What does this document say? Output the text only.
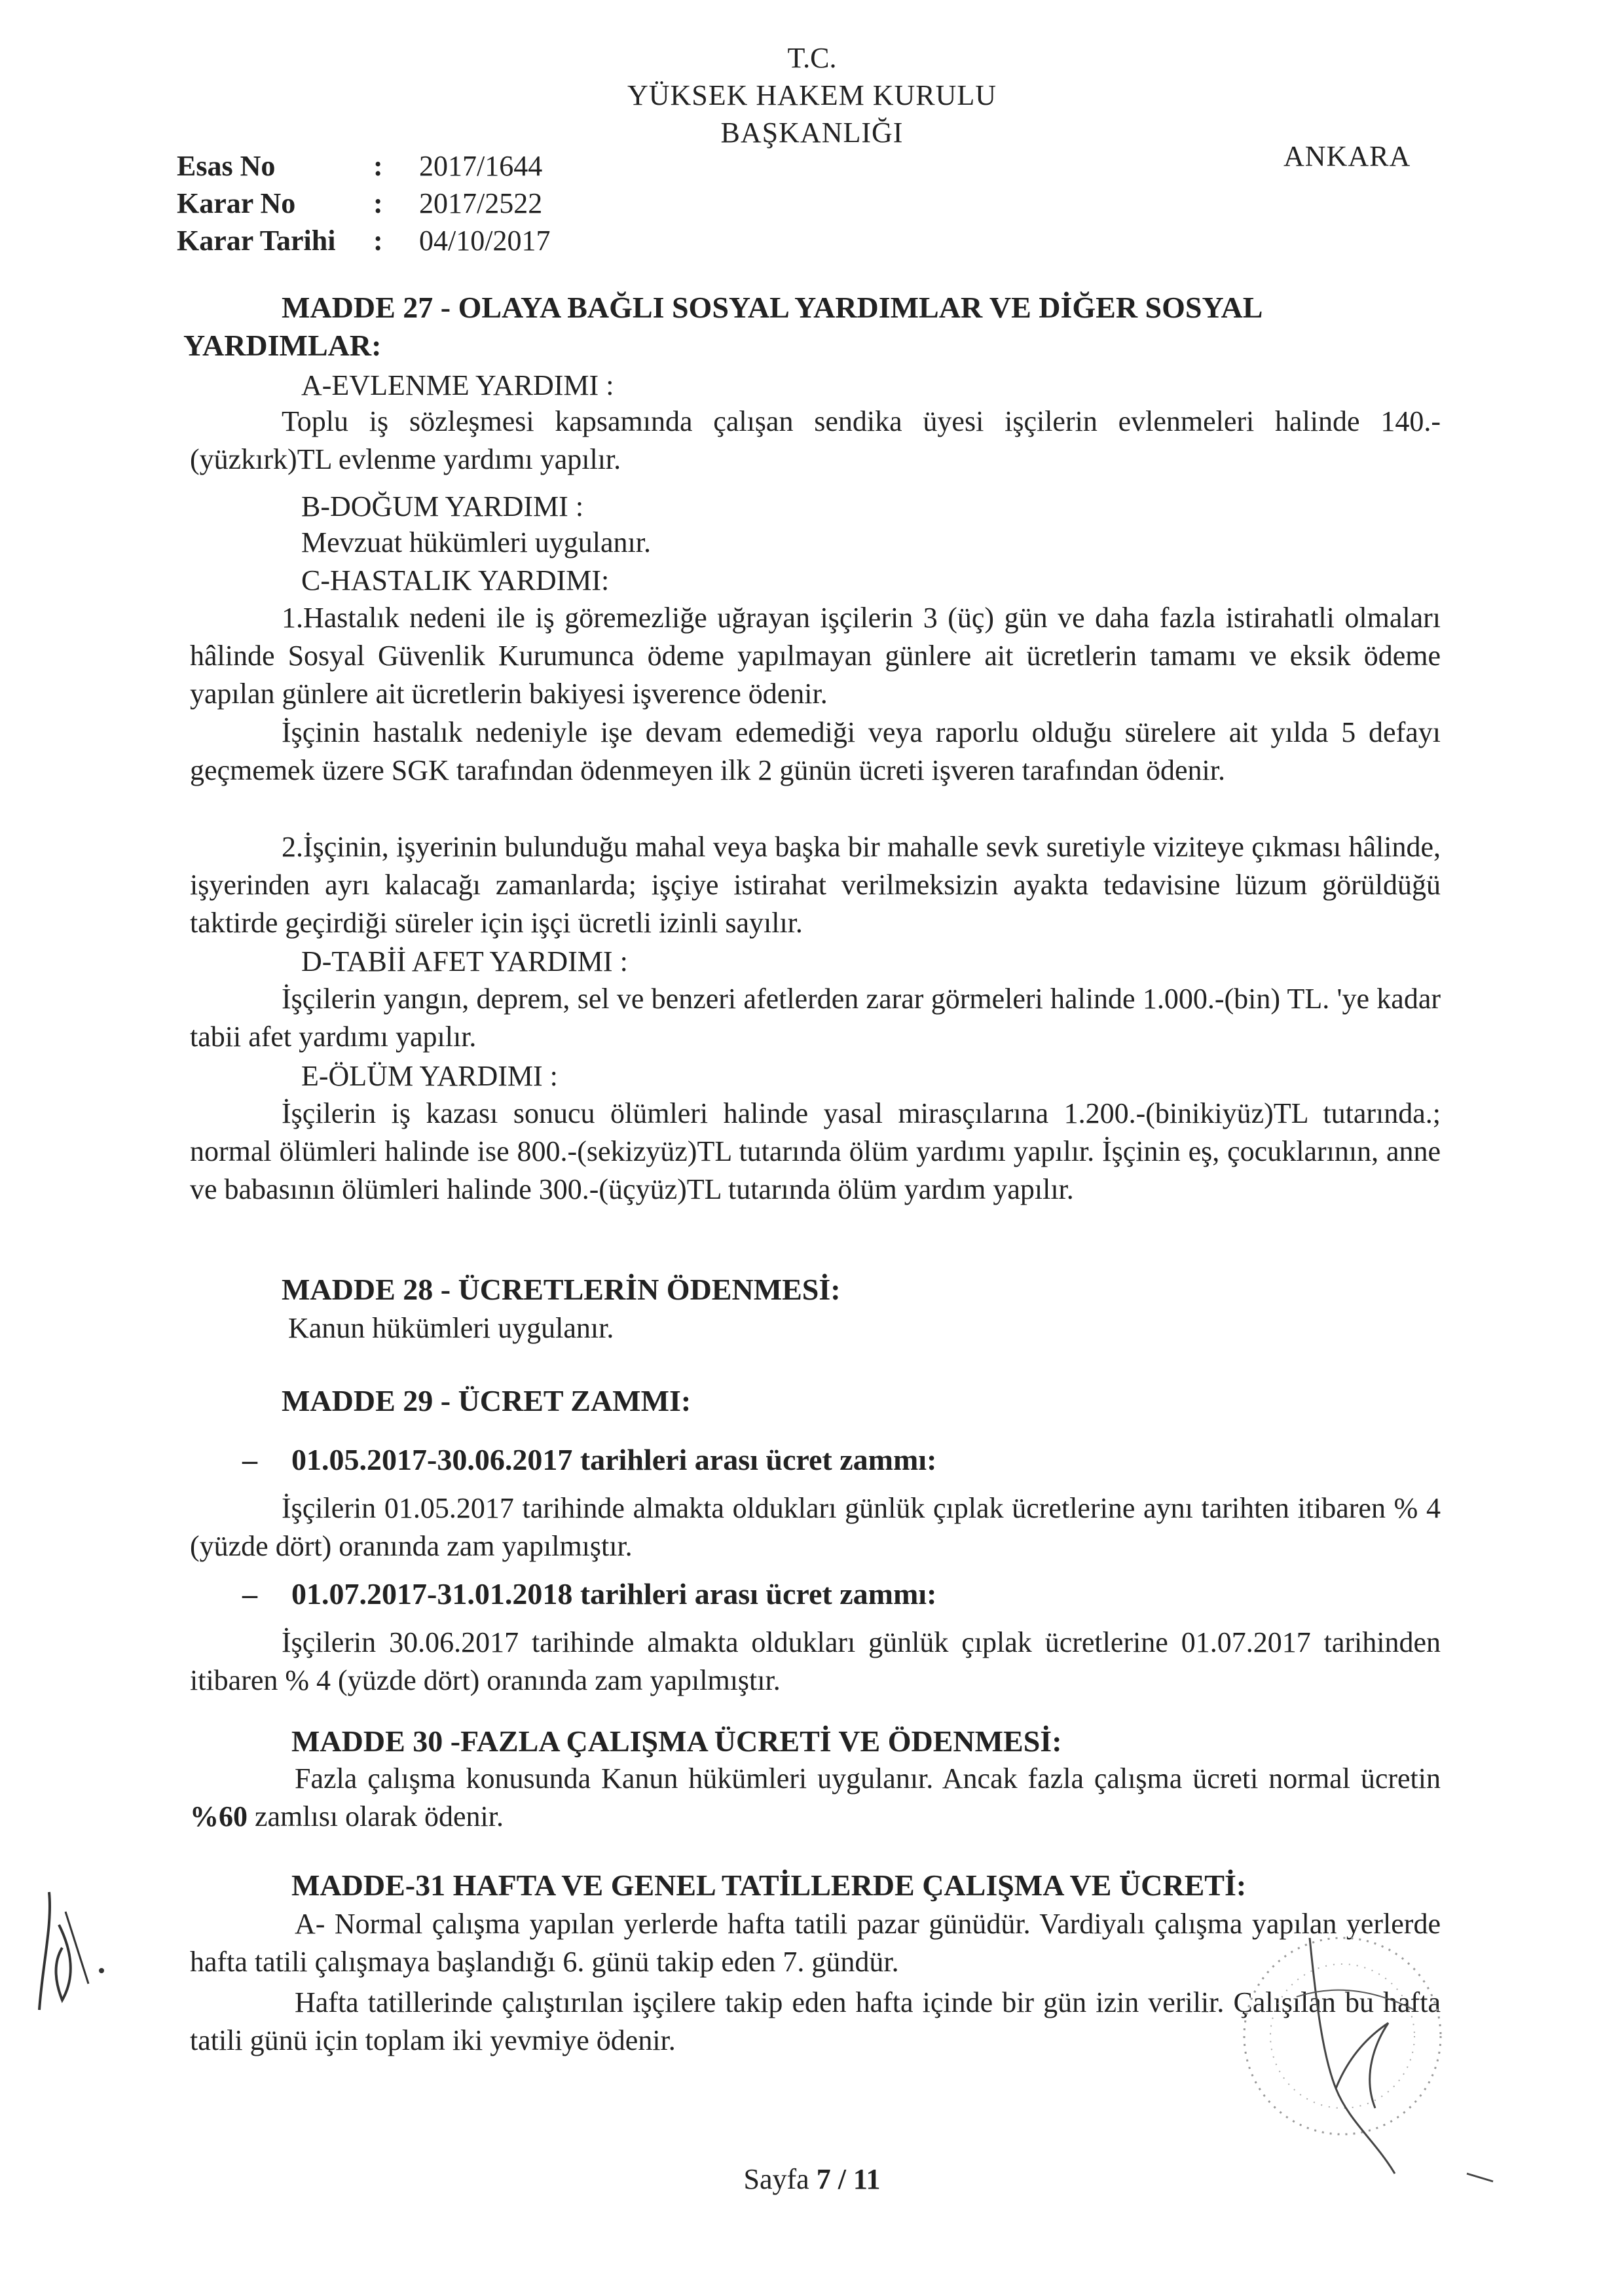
T.C.
YÜKSEK HAKEM KURULU
BAŞKANLIĞI
ANKARA
Esas No	: 2017/1644
Karar No	: 2017/2522
Karar Tarihi : 04/10/2017
MADDE 27 - OLAYA BAĞLI SOSYAL YARDIMLAR VE DİĞER SOSYAL
YARDIMLAR:
A-EVLENME YARDIMI :
Toplu iş sözleşmesi kapsamında çalışan sendika üyesi işçilerin evlenmeleri halinde 140.-(yüzkırk)TL evlenme yardımı yapılır.
B-DOĞUM YARDIMI :
Mevzuat hükümleri uygulanır.
C-HASTALIK YARDIMI:
1.Hastalık nedeni ile iş göremezliğe uğrayan işçilerin 3 (üç) gün ve daha fazla istirahatli olmaları hâlinde Sosyal Güvenlik Kurumunca ödeme yapılmayan günlere ait ücretlerin tamamı ve eksik ödeme yapılan günlere ait ücretlerin bakiyesi işverence ödenir.
İşçinin hastalık nedeniyle işe devam edemediği veya raporlu olduğu sürelere ait yılda 5 defayı geçmemek üzere SGK tarafından ödenmeyen ilk 2 günün ücreti işveren tarafından ödenir.
2.İşçinin, işyerinin bulunduğu mahal veya başka bir mahalle sevk suretiyle viziteye çıkması hâlinde, işyerinden ayrı kalacağı zamanlarda; işçiye istirahat verilmeksizin ayakta tedavisine lüzum görüldüğü taktirde geçirdiği süreler için işçi ücretli izinli sayılır.
D-TABİİ AFET YARDIMI :
İşçilerin yangın, deprem, sel ve benzeri afetlerden zarar görmeleri halinde 1.000.-(bin) TL. 'ye kadar tabii afet yardımı yapılır.
E-ÖLÜM YARDIMI :
İşçilerin iş kazası sonucu ölümleri halinde yasal mirasçılarına 1.200.-(binikiyüz)TL tutarında.; normal ölümleri halinde ise 800.-(sekizyüz)TL tutarında ölüm yardımı yapılır. İşçinin eş, çocuklarının, anne ve babasının ölümleri halinde 300.-(üçyüz)TL tutarında ölüm yardım yapılır.
MADDE 28 - ÜCRETLERİN ÖDENMESİ:
Kanun hükümleri uygulanır.
MADDE 29 - ÜCRET ZAMMI:
– 01.05.2017-30.06.2017 tarihleri arası ücret zammı:
İşçilerin 01.05.2017 tarihinde almakta oldukları günlük çıplak ücretlerine aynı tarihten itibaren % 4 (yüzde dört) oranında zam yapılmıştır.
– 01.07.2017-31.01.2018 tarihleri arası ücret zammı:
İşçilerin 30.06.2017 tarihinde almakta oldukları günlük çıplak ücretlerine 01.07.2017 tarihinden itibaren % 4 (yüzde dört) oranında zam yapılmıştır.
MADDE 30 -FAZLA ÇALIŞMA ÜCRETİ VE ÖDENMESİ:
Fazla çalışma konusunda Kanun hükümleri uygulanır. Ancak fazla çalışma ücreti normal ücretin %60 zamlısı olarak ödenir.
MADDE-31 HAFTA VE GENEL TATİLLERDE ÇALIŞMA VE ÜCRETİ:
A- Normal çalışma yapılan yerlerde hafta tatili pazar günüdür. Vardiyalı çalışma yapılan yerlerde hafta tatili çalışmaya başlandığı 6. günü takip eden 7. gündür.
Hafta tatillerinde çalıştırılan işçilere takip eden hafta içinde bir gün izin verilir. Çalışılan bu hafta tatili günü için toplam iki yevmiye ödenir.
Sayfa 7 / 11
